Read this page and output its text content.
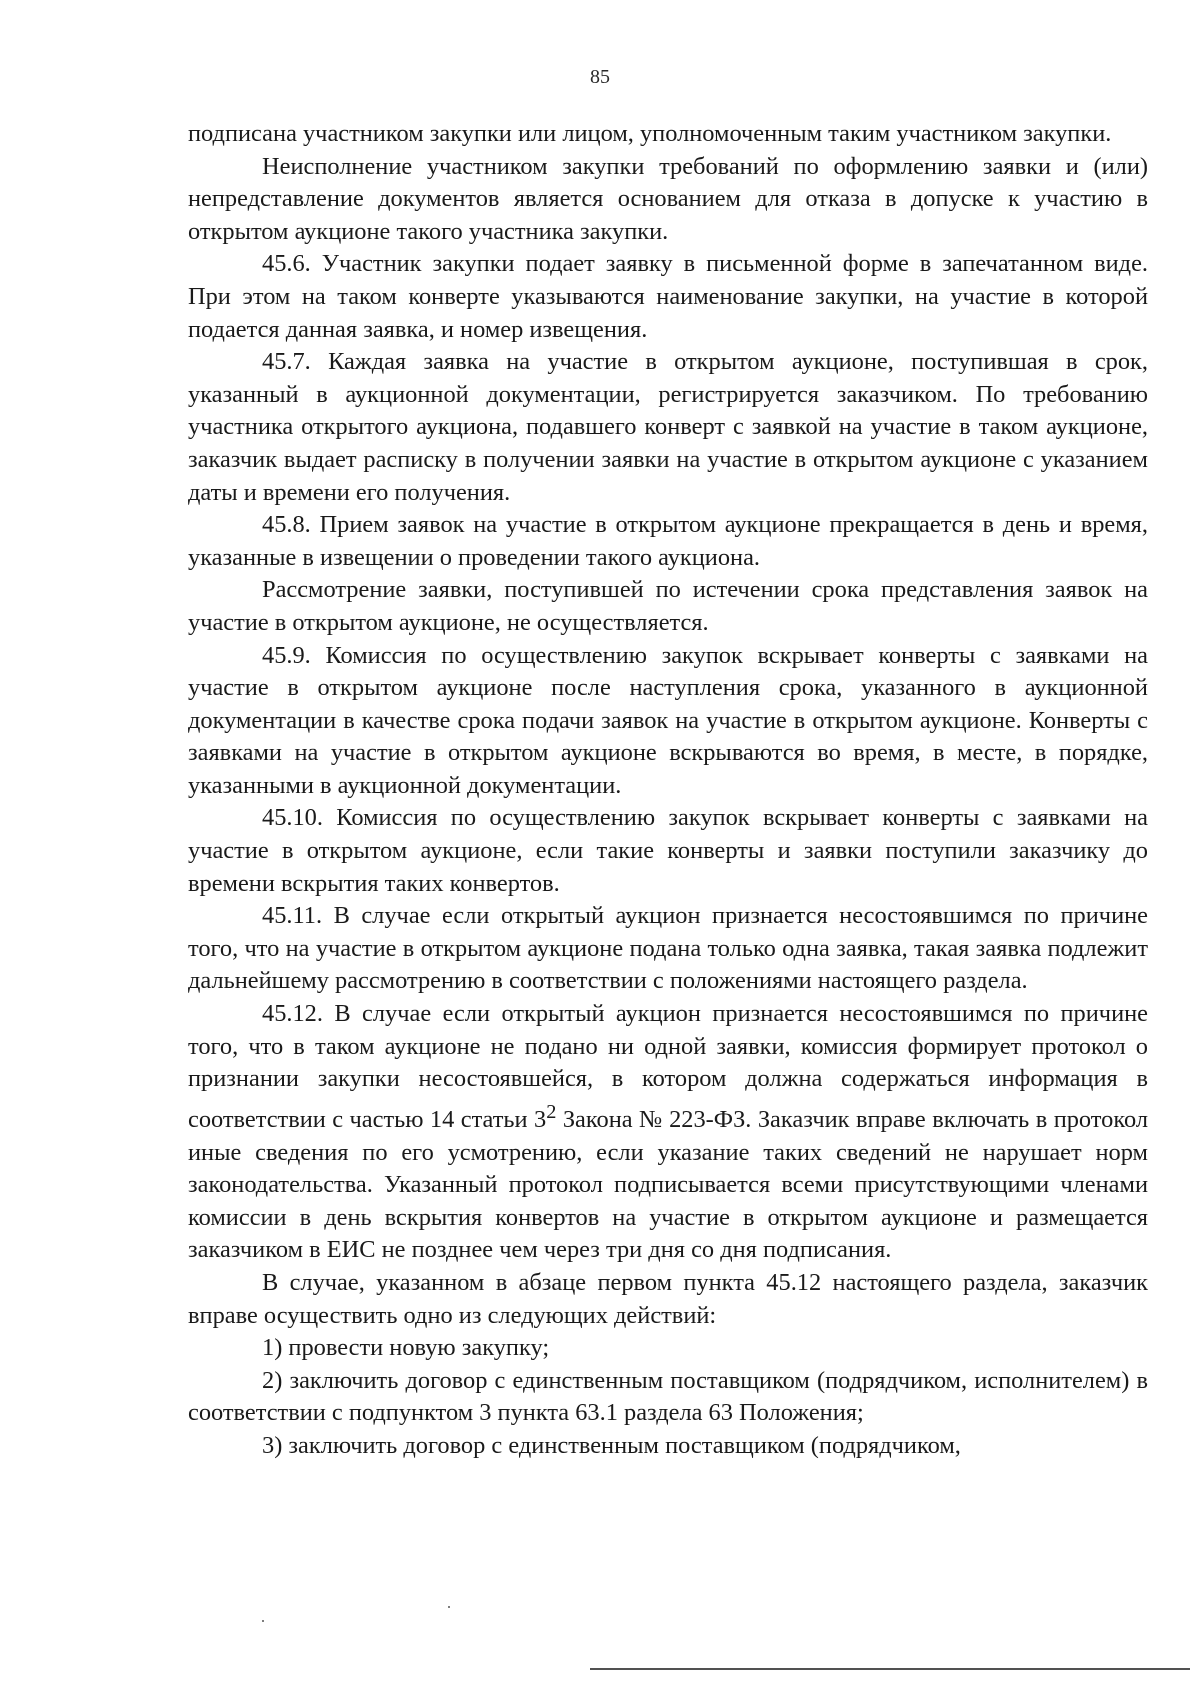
85

подписана участником закупки или лицом, уполномоченным таким участником закупки.

Неисполнение участником закупки требований по оформлению заявки и (или) непредставление документов является основанием для отказа в допуске к участию в открытом аукционе такого участника закупки.

45.6. Участник закупки подает заявку в письменной форме в запечатанном виде. При этом на таком конверте указываются наименование закупки, на участие в которой подается данная заявка, и номер извещения.

45.7. Каждая заявка на участие в открытом аукционе, поступившая в срок, указанный в аукционной документации, регистрируется заказчиком. По требованию участника открытого аукциона, подавшего конверт с заявкой на участие в таком аукционе, заказчик выдает расписку в получении заявки на участие в открытом аукционе с указанием даты и времени его получения.

45.8. Прием заявок на участие в открытом аукционе прекращается в день и время, указанные в извещении о проведении такого аукциона.

Рассмотрение заявки, поступившей по истечении срока представления заявок на участие в открытом аукционе, не осуществляется.

45.9. Комиссия по осуществлению закупок вскрывает конверты с заявками на участие в открытом аукционе после наступления срока, указанного в аукционной документации в качестве срока подачи заявок на участие в открытом аукционе. Конверты с заявками на участие в открытом аукционе вскрываются во время, в месте, в порядке, указанными в аукционной документации.

45.10. Комиссия по осуществлению закупок вскрывает конверты с заявками на участие в открытом аукционе, если такие конверты и заявки поступили заказчику до времени вскрытия таких конвертов.

45.11. В случае если открытый аукцион признается несостоявшимся по причине того, что на участие в открытом аукционе подана только одна заявка, такая заявка подлежит дальнейшему рассмотрению в соответствии с положениями настоящего раздела.

45.12. В случае если открытый аукцион признается несостоявшимся по причине того, что в таком аукционе не подано ни одной заявки, комиссия формирует протокол о признании закупки несостоявшейся, в котором должна содержаться информация в соответствии с частью 14 статьи $3^2$ Закона № 223-ФЗ. Заказчик вправе включать в протокол иные сведения по его усмотрению, если указание таких сведений не нарушает норм законодательства. Указанный протокол подписывается всеми присутствующими членами комиссии в день вскрытия конвертов на участие в открытом аукционе и размещается заказчиком в ЕИС не позднее чем через три дня со дня подписания.

В случае, указанном в абзаце первом пункта 45.12 настоящего раздела, заказчик вправе осуществить одно из следующих действий:

1) провести новую закупку;

2) заключить договор с единственным поставщиком (подрядчиком, исполнителем) в соответствии с подпунктом 3 пункта 63.1 раздела 63 Положения;

3) заключить договор с единственным поставщиком (подрядчиком,
